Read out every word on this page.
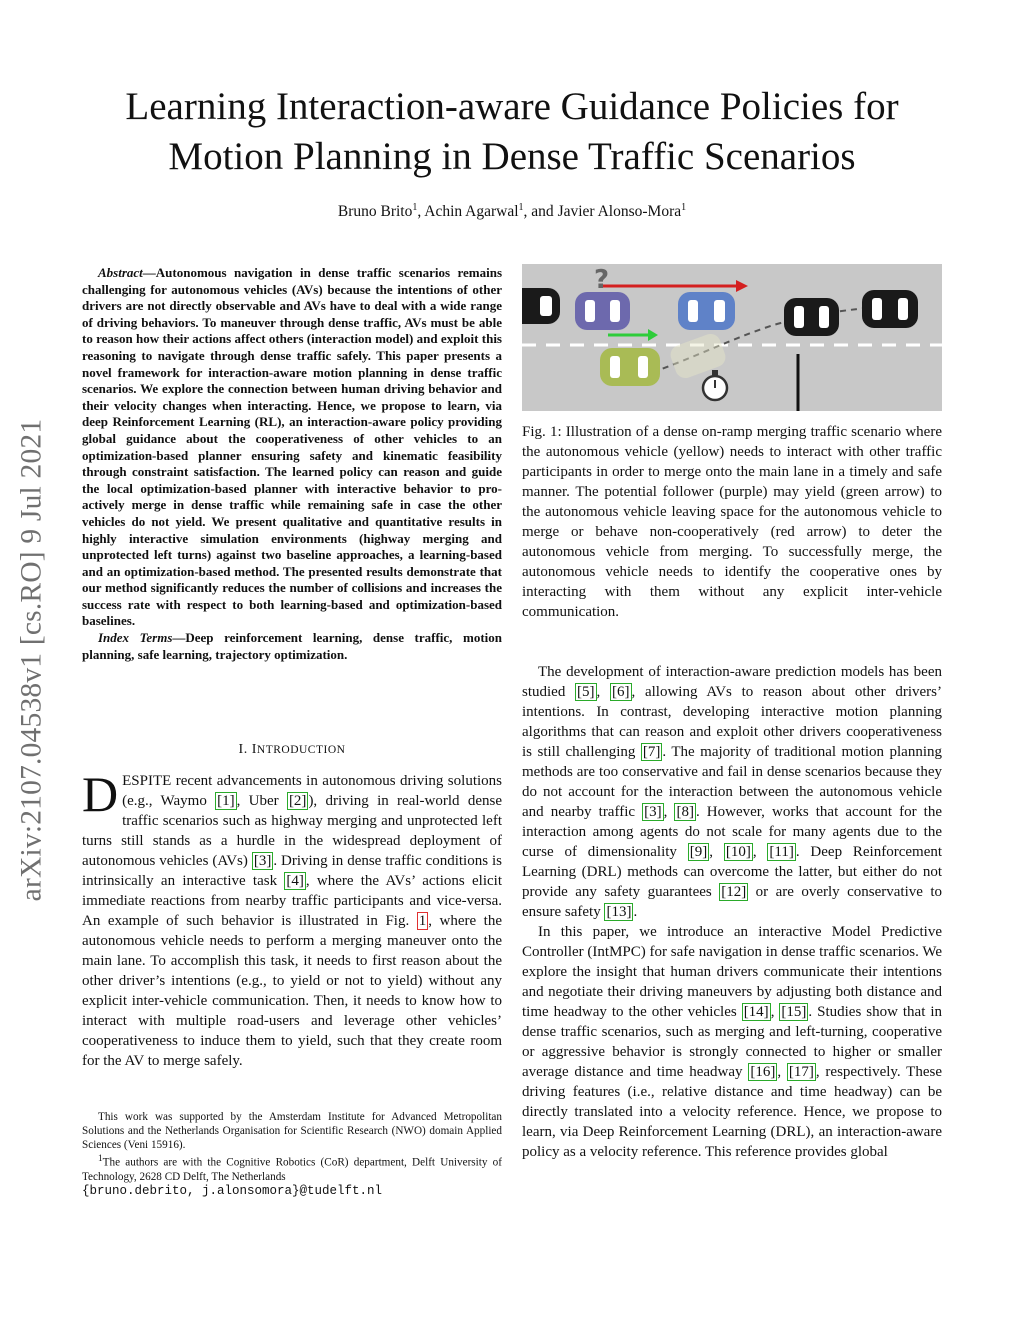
arXiv:2107.04538v1 [cs.RO] 9 Jul 2021
Learning Interaction-aware Guidance Policies for
Motion Planning in Dense Traffic Scenarios
Bruno Brito$^1$, Achin Agarwal$^1$, and Javier Alonso-Mora$^1$

Abstract—Autonomous navigation in dense traffic scenarios remains challenging for autonomous vehicles (AVs) because the intentions of other drivers are not directly observable and AVs have to deal with a wide range of driving behaviors. To maneuver through dense traffic, AVs must be able to reason how their actions affect others (interaction model) and exploit this reasoning to navigate through dense traffic safely. This paper presents a novel framework for interaction-aware motion planning in dense traffic scenarios. We explore the connection between human driving behavior and their velocity changes when interacting. Hence, we propose to learn, via deep Reinforcement Learning (RL), an interaction-aware policy providing global guidance about the cooperativeness of other vehicles to an optimization-based planner ensuring safety and kinematic feasibility through constraint satisfaction. The learned policy can reason and guide the local optimization-based planner with interactive behavior to pro-actively merge in dense traffic while remaining safe in case the other vehicles do not yield. We present qualitative and quantitative results in highly interactive simulation environments (highway merging and unprotected left turns) against two baseline approaches, a learning-based and an optimization-based method. The presented results demonstrate that our method significantly reduces the number of collisions and increases the success rate with respect to both learning-based and optimization-based baselines.

Index Terms—Deep reinforcement learning, dense traffic, motion planning, safe learning, trajectory optimization.

I. INTRODUCTION

DESPITE recent advancements in autonomous driving solutions (e.g., Waymo [1] , Uber [2] ), driving in real-world dense traffic scenarios such as highway merging and unprotected left turns still stands as a hurdle in the widespread deployment of autonomous vehicles (AVs) [3] . Driving in dense traffic conditions is intrinsically an interactive task [4] , where the AVs’ actions elicit immediate reactions from nearby traffic participants and vice-versa. An example of such behavior is illustrated in Fig. 1 , where the autonomous vehicle needs to perform a merging maneuver onto the main lane. To accomplish this task, it needs to first reason about the other driver’s intentions (e.g., to yield or not to yield) without any explicit inter-vehicle communication. Then, it needs to know how to interact with multiple road-users and leverage other vehicles’ cooperativeness to induce them to yield, such that they create room for the AV to merge safely.

This work was supported by the Amsterdam Institute for Advanced Metropolitan Solutions and the Netherlands Organisation for Scientific Research (NWO) domain Applied Sciences (Veni 15916).

$^1$The authors are with the Cognitive Robotics (CoR) department, Delft University of Technology, 2628 CD Delft, The Netherlands
{bruno.debrito, j.alonsomora}@tudelft.nl

?

Fig. 1: Illustration of a dense on-ramp merging traffic scenario where the autonomous vehicle (yellow) needs to interact with other traffic participants in order to merge onto the main lane in a timely and safe manner. The potential follower (purple) may yield (green arrow) to the autonomous vehicle leaving space for the autonomous vehicle to merge or behave non-cooperatively (red arrow) to deter the autonomous vehicle from merging. To successfully merge, the autonomous vehicle needs to identify the cooperative ones by interacting with them without any explicit inter-vehicle communication.

The development of interaction-aware prediction models has been studied [5] , [6] , allowing AVs to reason about other drivers’ intentions. In contrast, developing interactive motion planning algorithms that can reason and exploit other drivers cooperativeness is still challenging [7] . The majority of traditional motion planning methods are too conservative and fail in dense scenarios because they do not account for the interaction between the autonomous vehicle and nearby traffic [3] , [8] . However, works that account for the interaction among agents do not scale for many agents due to the curse of dimensionality [9] , [10] , [11] . Deep Reinforcement Learning (DRL) methods can overcome the latter, but either do not provide any safety guarantees [12] or are overly conservative to ensure safety [13] .

In this paper, we introduce an interactive Model Predictive Controller (IntMPC) for safe navigation in dense traffic scenarios. We explore the insight that human drivers communicate their intentions and negotiate their driving maneuvers by adjusting both distance and time headway to the other vehicles [14] , [15] . Studies show that in dense traffic scenarios, such as merging and left-turning, cooperative or aggressive behavior is strongly connected to higher or smaller average distance and time headway [16] , [17] , respectively. These driving features (i.e., relative distance and time headway) can be directly translated into a velocity reference. Hence, we propose to learn, via Deep Reinforcement Learning (DRL), an interaction-aware policy as a velocity reference. This reference provides global
